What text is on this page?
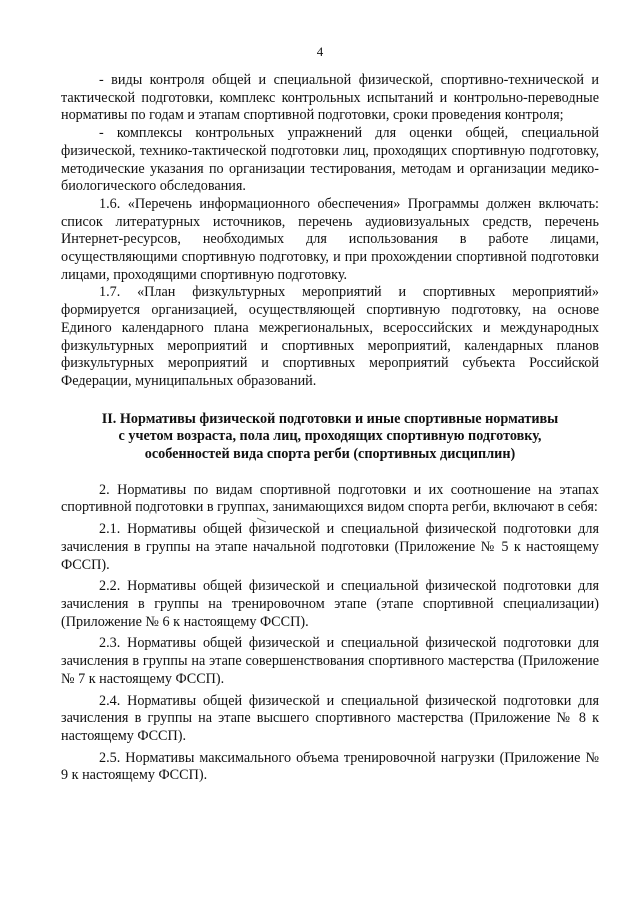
4

- виды контроля общей и специальной физической, спортивно-технической и тактической подготовки, комплекс контрольных испытаний и контрольно-переводные нормативы по годам и этапам спортивной подготовки, сроки проведения контроля;

- комплексы контрольных упражнений для оценки общей, специальной физической, технико-тактической подготовки лиц, проходящих спортивную подготовку, методические указания по организации тестирования, методам и организации медико-биологического обследования.

1.6. «Перечень информационного обеспечения» Программы должен включать: список литературных источников, перечень аудиовизуальных средств, перечень Интернет-ресурсов, необходимых для использования в работе лицами, осуществляющими спортивную подготовку, и при прохождении спортивной подготовки лицами, проходящими спортивную подготовку.

1.7. «План физкультурных мероприятий и спортивных мероприятий» формируется организацией, осуществляющей спортивную подготовку, на основе Единого календарного плана межрегиональных, всероссийских и международных физкультурных мероприятий и спортивных мероприятий, календарных планов физкультурных мероприятий и спортивных мероприятий субъекта Российской Федерации, муниципальных образований.

II. Нормативы физической подготовки и иные спортивные нормативы
с учетом возраста, пола лиц, проходящих спортивную подготовку,
особенностей вида спорта регби (спортивных дисциплин)

2. Нормативы по видам спортивной подготовки и их соотношение на этапах спортивной подготовки в группах, занимающихся видом спорта регби, включают в себя:

2.1. Нормативы общей физической и специальной физической подготовки для зачисления в группы на этапе начальной подготовки (Приложение № 5 к настоящему ФССП).

2.2. Нормативы общей физической и специальной физической подготовки для зачисления в группы на тренировочном этапе (этапе спортивной специализации) (Приложение № 6 к настоящему ФССП).

2.3. Нормативы общей физической и специальной физической подготовки для зачисления в группы на этапе совершенствования спортивного мастерства (Приложение № 7 к настоящему ФССП).

2.4. Нормативы общей физической и специальной физической подготовки для зачисления в группы на этапе высшего спортивного мастерства (Приложение № 8 к настоящему ФССП).

2.5. Нормативы максимального объема тренировочной нагрузки (Приложение № 9 к настоящему ФССП).
